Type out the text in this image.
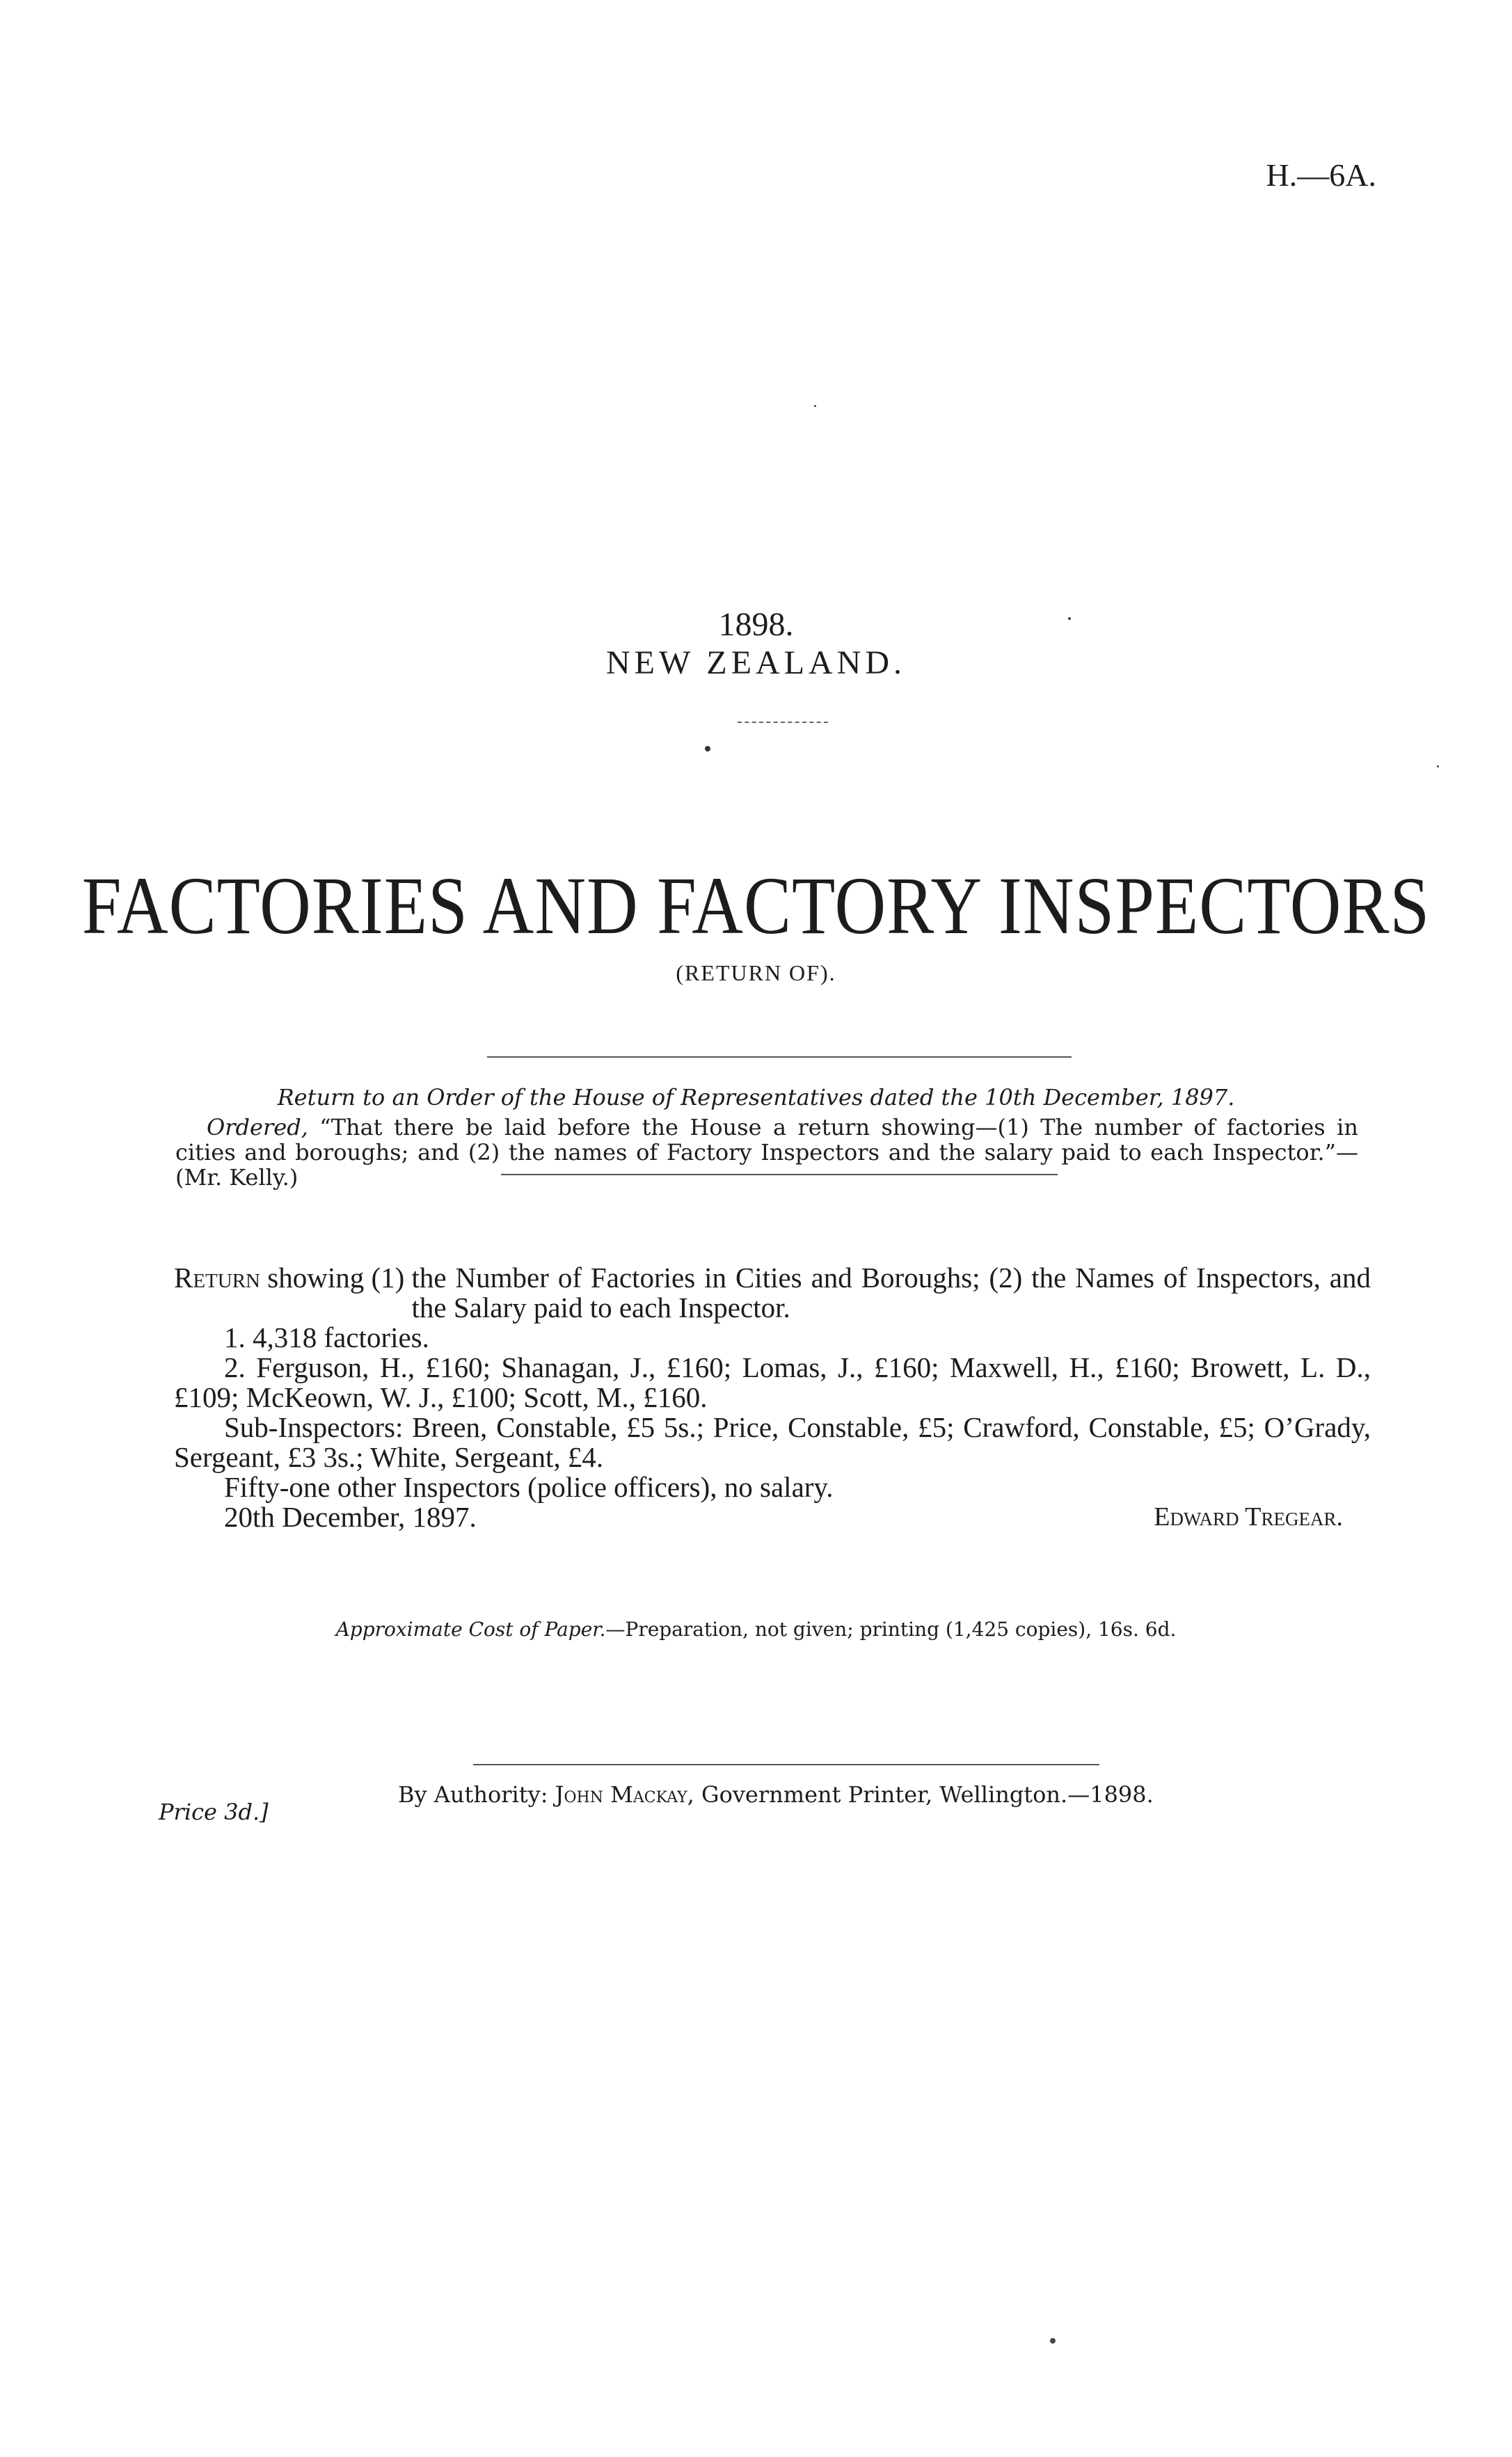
H.—6A.
1898.
NEW ZEALAND.
FACTORIES AND FACTORY INSPECTORS
(RETURN OF).
Return to an Order of the House of Representatives dated the 10th December, 1897.
Ordered, “That there be laid before the House a return showing—(1) The number of factories in cities and boroughs; and (2) the names of Factory Inspectors and the salary paid to each Inspector.”—(Mr. Kelly.)
Return showing (1) the Number of Factories in Cities and Boroughs; (2) the Names of Inspectors, and the Salary paid to each Inspector.
1. 4,318 factories.
2. Ferguson, H., £160; Shanagan, J., £160; Lomas, J., £160; Maxwell, H., £160; Browett, L. D., £109; McKeown, W. J., £100; Scott, M., £160.
Sub-Inspectors: Breen, Constable, £5 5s.; Price, Constable, £5; Crawford, Constable, £5; O’Grady, Sergeant, £3 3s.; White, Sergeant, £4.
Fifty-one other Inspectors (police officers), no salary.
20th December, 1897.	Edward Tregear.
Approximate Cost of Paper.—Preparation, not given; printing (1,425 copies), 16s. 6d.
Price 3d.]
By Authority: John Mackay, Government Printer, Wellington.—1898.
